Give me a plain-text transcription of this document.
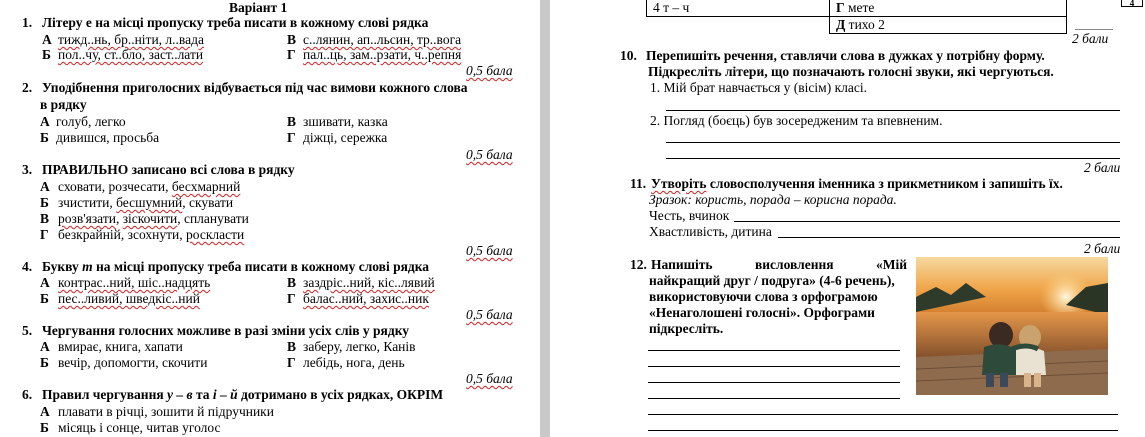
Варіант 1
1. Літеру е на місці пропуску треба писати в кожному слові рядка
А тижд..нь, бр..ніти, л..вада
Б пол..чу, ст..бло, заст..лати
В с..лянин, ап..льсин, тр..вога
Г пал..ць, зам..рзати, ч..репня
0,5 бала
2. Уподібнення приголосних відбувається під час вимови кожного слова
в рядку
А голуб, легко
Б дивишся, просьба
В зшивати, казка
Г діжці, сережка
0,5 бала
3. ПРАВИЛЬНО записано всі слова в рядку
А сховати, розчесати, бесхмарний
Б зчистити, бесшумний, скувати
В розв'язати, зіскочити, спланувати
Г безкрайній, зсохнути, роскласти
0,5 бала
4. Букву т на місці пропуску треба писати в кожному слові рядка
А контрас..ний, шіс..надцять
Б пес..ливий, шведкіс..ний
В заздріс..ний, кіс..лявий
Г балас..ний, захис..ник
0,5 бала
5. Чергування голосних можливе в разі зміни усіх слів у рядку
А вмирає, книга, хапати
Б вечір, допомогти, скочити
В заберу, легко, Канів
Г лебідь, нога, день
0,5 бала
6. Правил чергування у – в та і – й дотримано в усіх рядках, ОКРІМ
А плавати в річці, зошити й підручники
Б місяць і сонце, читав уголос
4 т – ч	Г мете
	Д тихо 2
4
2 бали
10. Перепишіть речення, ставлячи слова в дужках у потрібну форму.
Підкресліть літери, що позначають голосні звуки, які чергуються.
1. Мій брат навчається у (вісім) класі.
2. Погляд (боєць) був зосередженим та впевненим.
2 бали
11. Утворіть словосполучення іменника з прикметником і запишіть їх.
Зразок: користь, порада – корисна порада.
Честь, вчинок
Хвастливість, дитина
2 бали
12. Напишіть висловлення «Мій
найкращий друг / подруга» (4-6 речень),
використовуючи слова з орфограмою
«Ненаголошені голосні». Орфограми
підкресліть.
